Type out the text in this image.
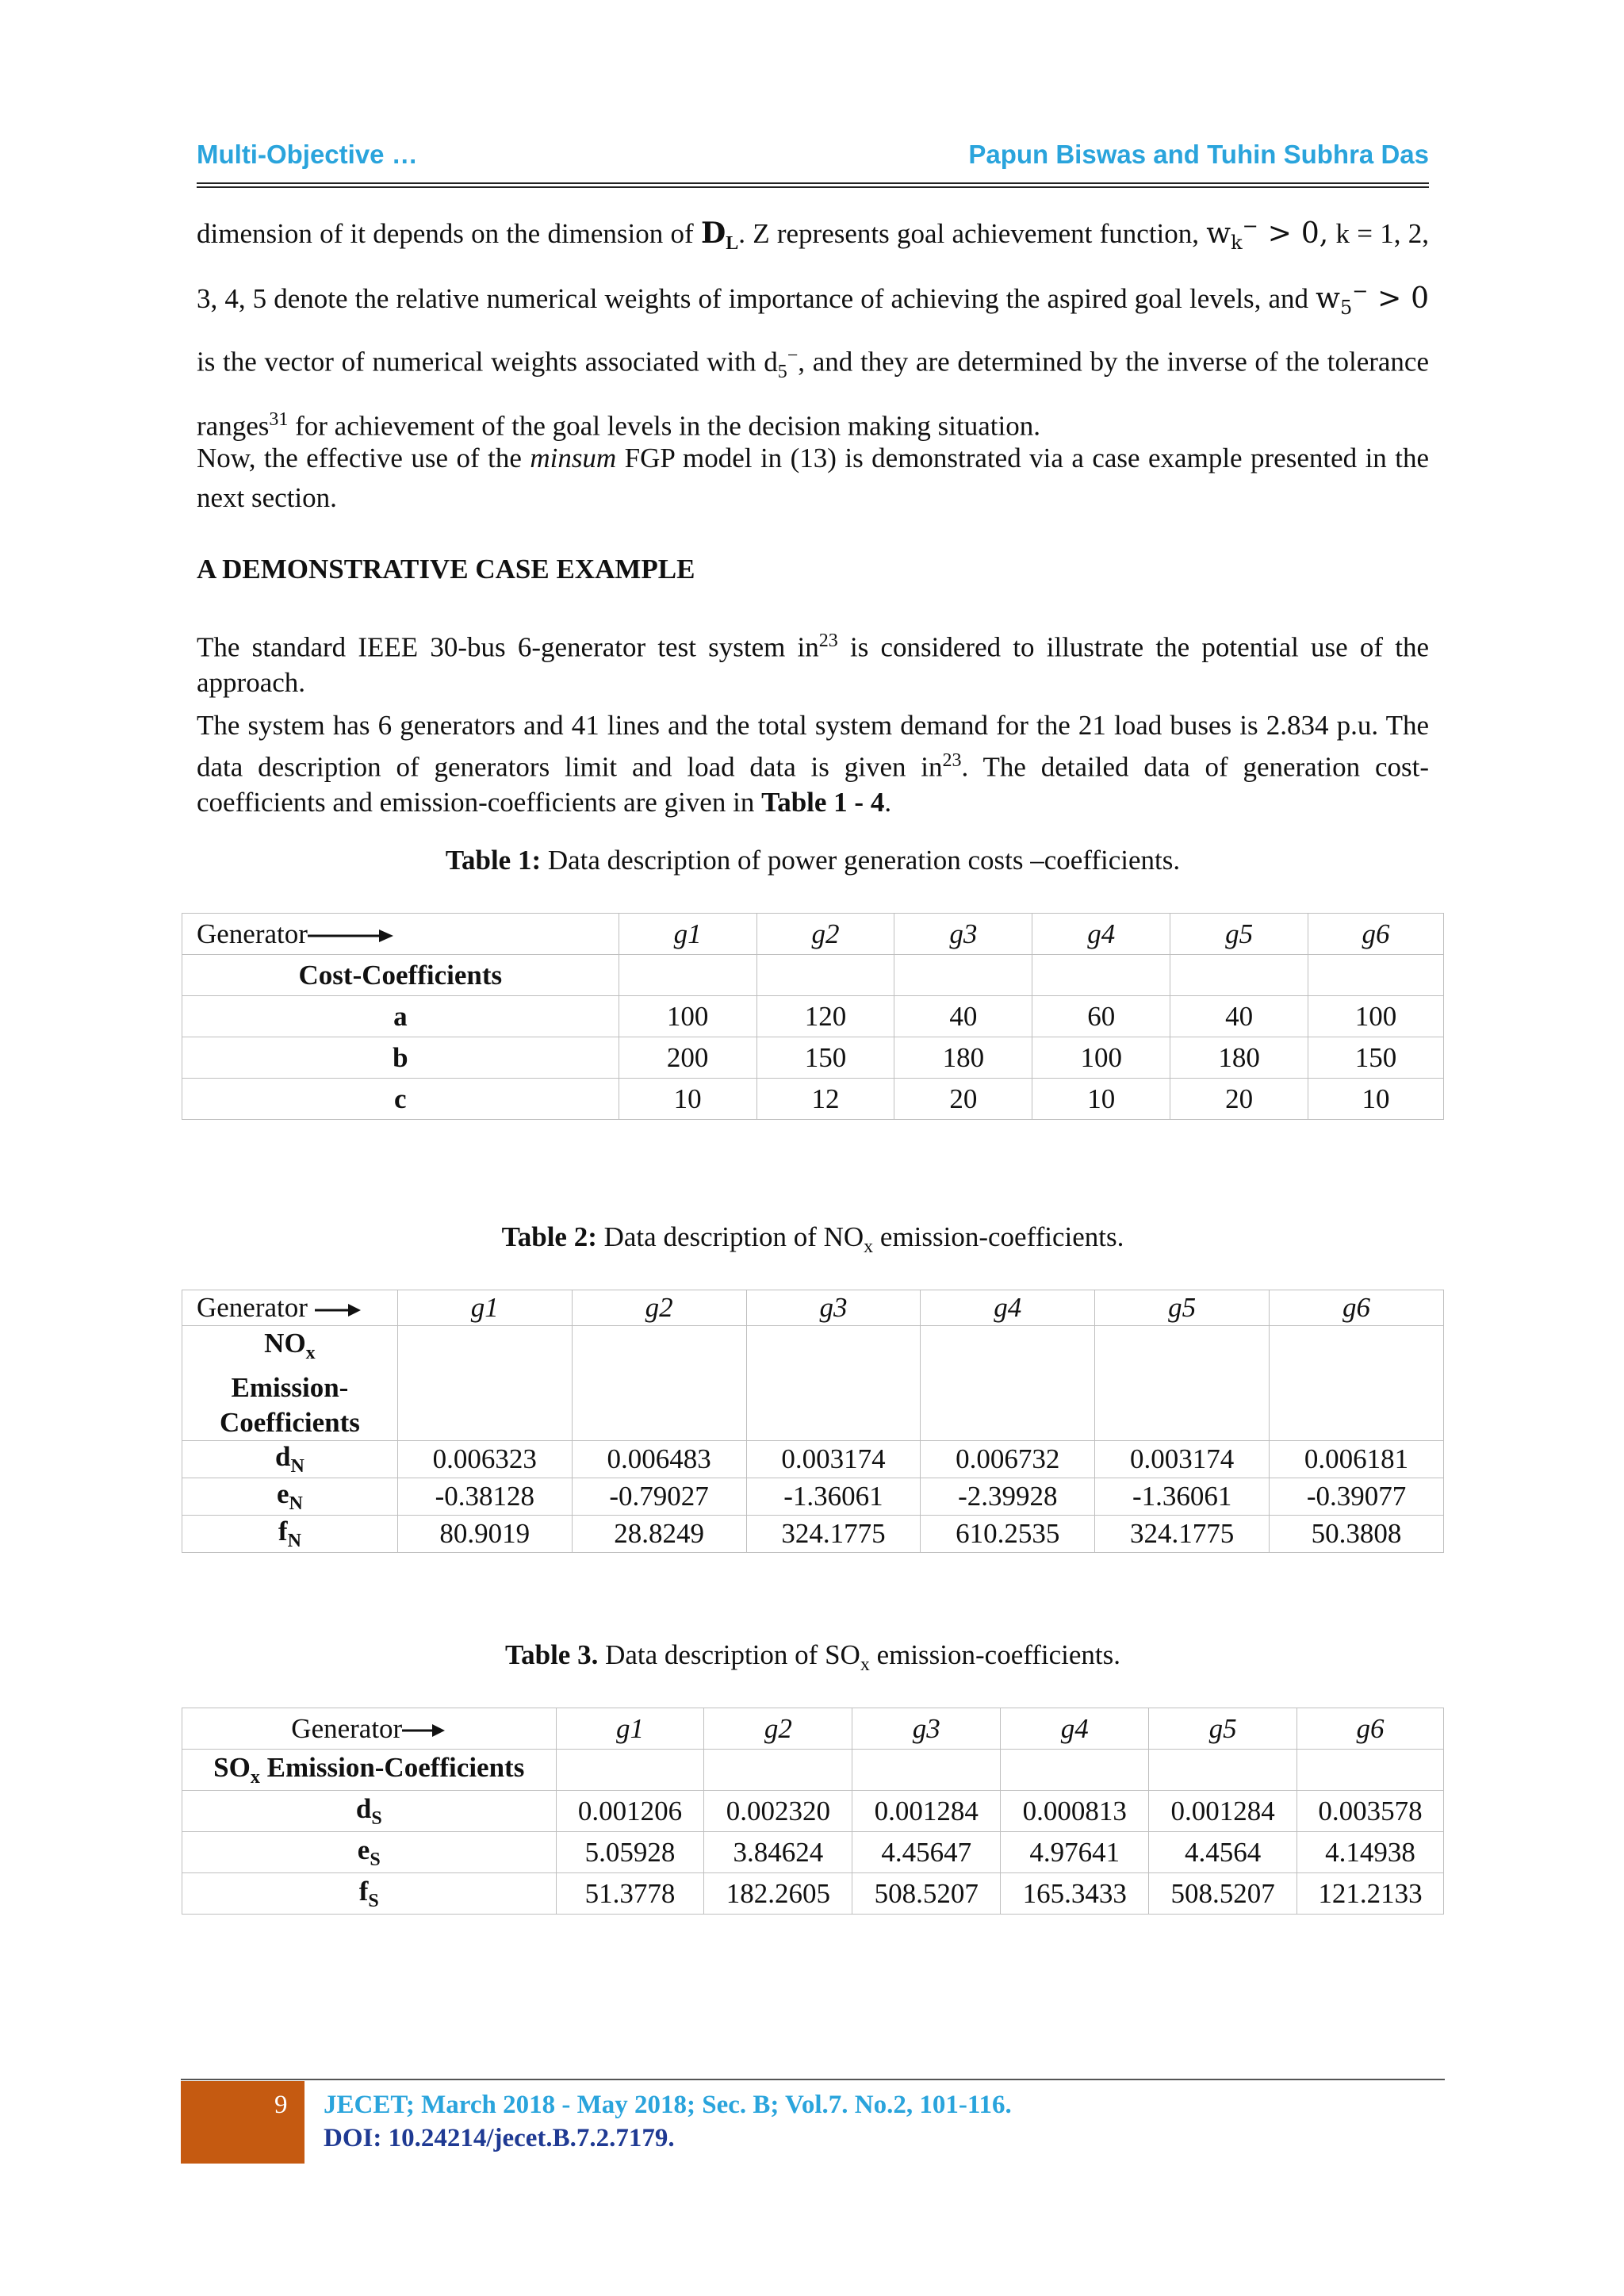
Multi-Objective …	Papun Biswas and Tuhin Subhra Das
dimension of it depends on the dimension of $D_L$. Z represents goal achievement function, $w_k^- > 0$, k = 1, 2, 3, 4, 5 denote the relative numerical weights of importance of achieving the aspired goal levels, and $w_5^- > 0$ is the vector of numerical weights associated with $d_5^-$, and they are determined by the inverse of the tolerance ranges$^{31}$ for achievement of the goal levels in the decision making situation.
Now, the effective use of the minsum FGP model in (13) is demonstrated via a case example presented in the next section.
A DEMONSTRATIVE CASE EXAMPLE
The standard IEEE 30-bus 6-generator test system $in^{23}$ is considered to illustrate the potential use of the approach.
The system has 6 generators and 41 lines and the total system demand for the 21 load buses is 2.834 p.u. The data description of generators limit and load data is given $in^{23}$. The detailed data of generation cost-coefficients and emission-coefficients are given in Table 1 - 4.
Table 1: Data description of power generation costs –coefficients.
Generator	g1	g2	g3	g4	g5	g6
Cost-Coefficients						
a	100	120	40	60	40	100
b	200	150	180	100	180	150
c	10	12	20	10	20	10
Table 2: Data description of $NO_x$ emission-coefficients.
Generator	g1	g2	g3	g4	g5	g6
$NO_x$
Emission-
Coefficients						
$d_N$	0.006323	0.006483	0.003174	0.006732	0.003174	0.006181
$e_N$	-0.38128	-0.79027	-1.36061	-2.39928	-1.36061	-0.39077
$f_N$	80.9019	28.8249	324.1775	610.2535	324.1775	50.3808
Table 3. Data description of $SO_x$ emission-coefficients.
Generator	g1	g2	g3	g4	g5	g6
$SO_x$ Emission-Coefficients						
$d_S$	0.001206	0.002320	0.001284	0.000813	0.001284	0.003578
$e_S$	5.05928	3.84624	4.45647	4.97641	4.4564	4.14938
$f_S$	51.3778	182.2605	508.5207	165.3433	508.5207	121.2133
9 JECET; March 2018 - May 2018; Sec. B; Vol.7. No.2, 101-116.
DOI: 10.24214/jecet.B.7.2.7179.
